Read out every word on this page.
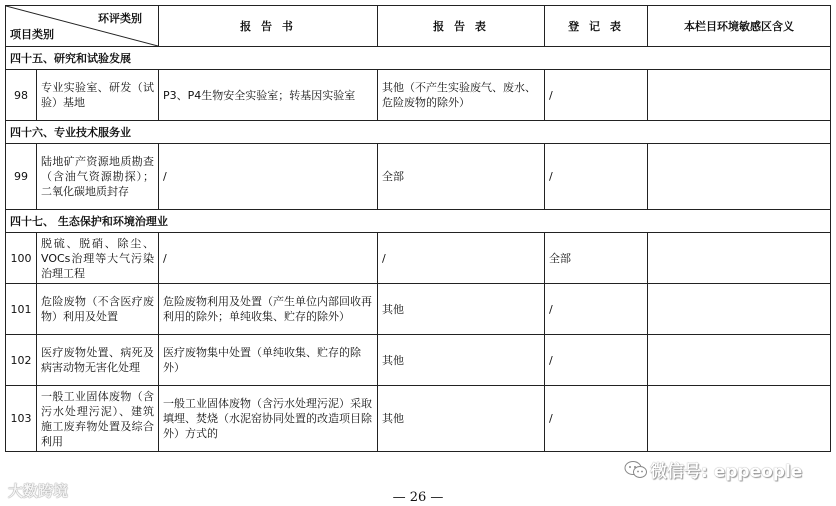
环评类别
项目类别		报 告 书	报 告 表	登 记 表	本栏目环境敏感区含义
四十五、研究和试验发展					
98	专业实验室、研发（试验）基地	P3、P4生物安全实验室；转基因实验室	其他（不产生实验废气、废水、危险废物的除外）	/	
四十六、专业技术服务业					
99	陆地矿产资源地质勘查（含油气资源勘探）；二氧化碳地质封存	/	全部	/	
四十七、 生态保护和环境治理业					
100	脱硫、脱硝、除尘、VOCs治理等大气污染治理工程	/	/	全部	
101	危险废物（不含医疗废物）利用及处置	危险废物利用及处置（产生单位内部回收再利用的除外；单纯收集、贮存的除外）	其他	/	
102	医疗废物处置、病死及病害动物无害化处理	医疗废物集中处置（单纯收集、贮存的除外）	其他	/	
103	一般工业固体废物（含污水处理污泥）、建筑施工废弃物处置及综合利用	一般工业固体废物（含污水处理污泥）采取填埋、焚烧（水泥窑协同处置的改造项目除外）方式的	其他	/	
— 26 —
大数跨境
微信号: eppeople
